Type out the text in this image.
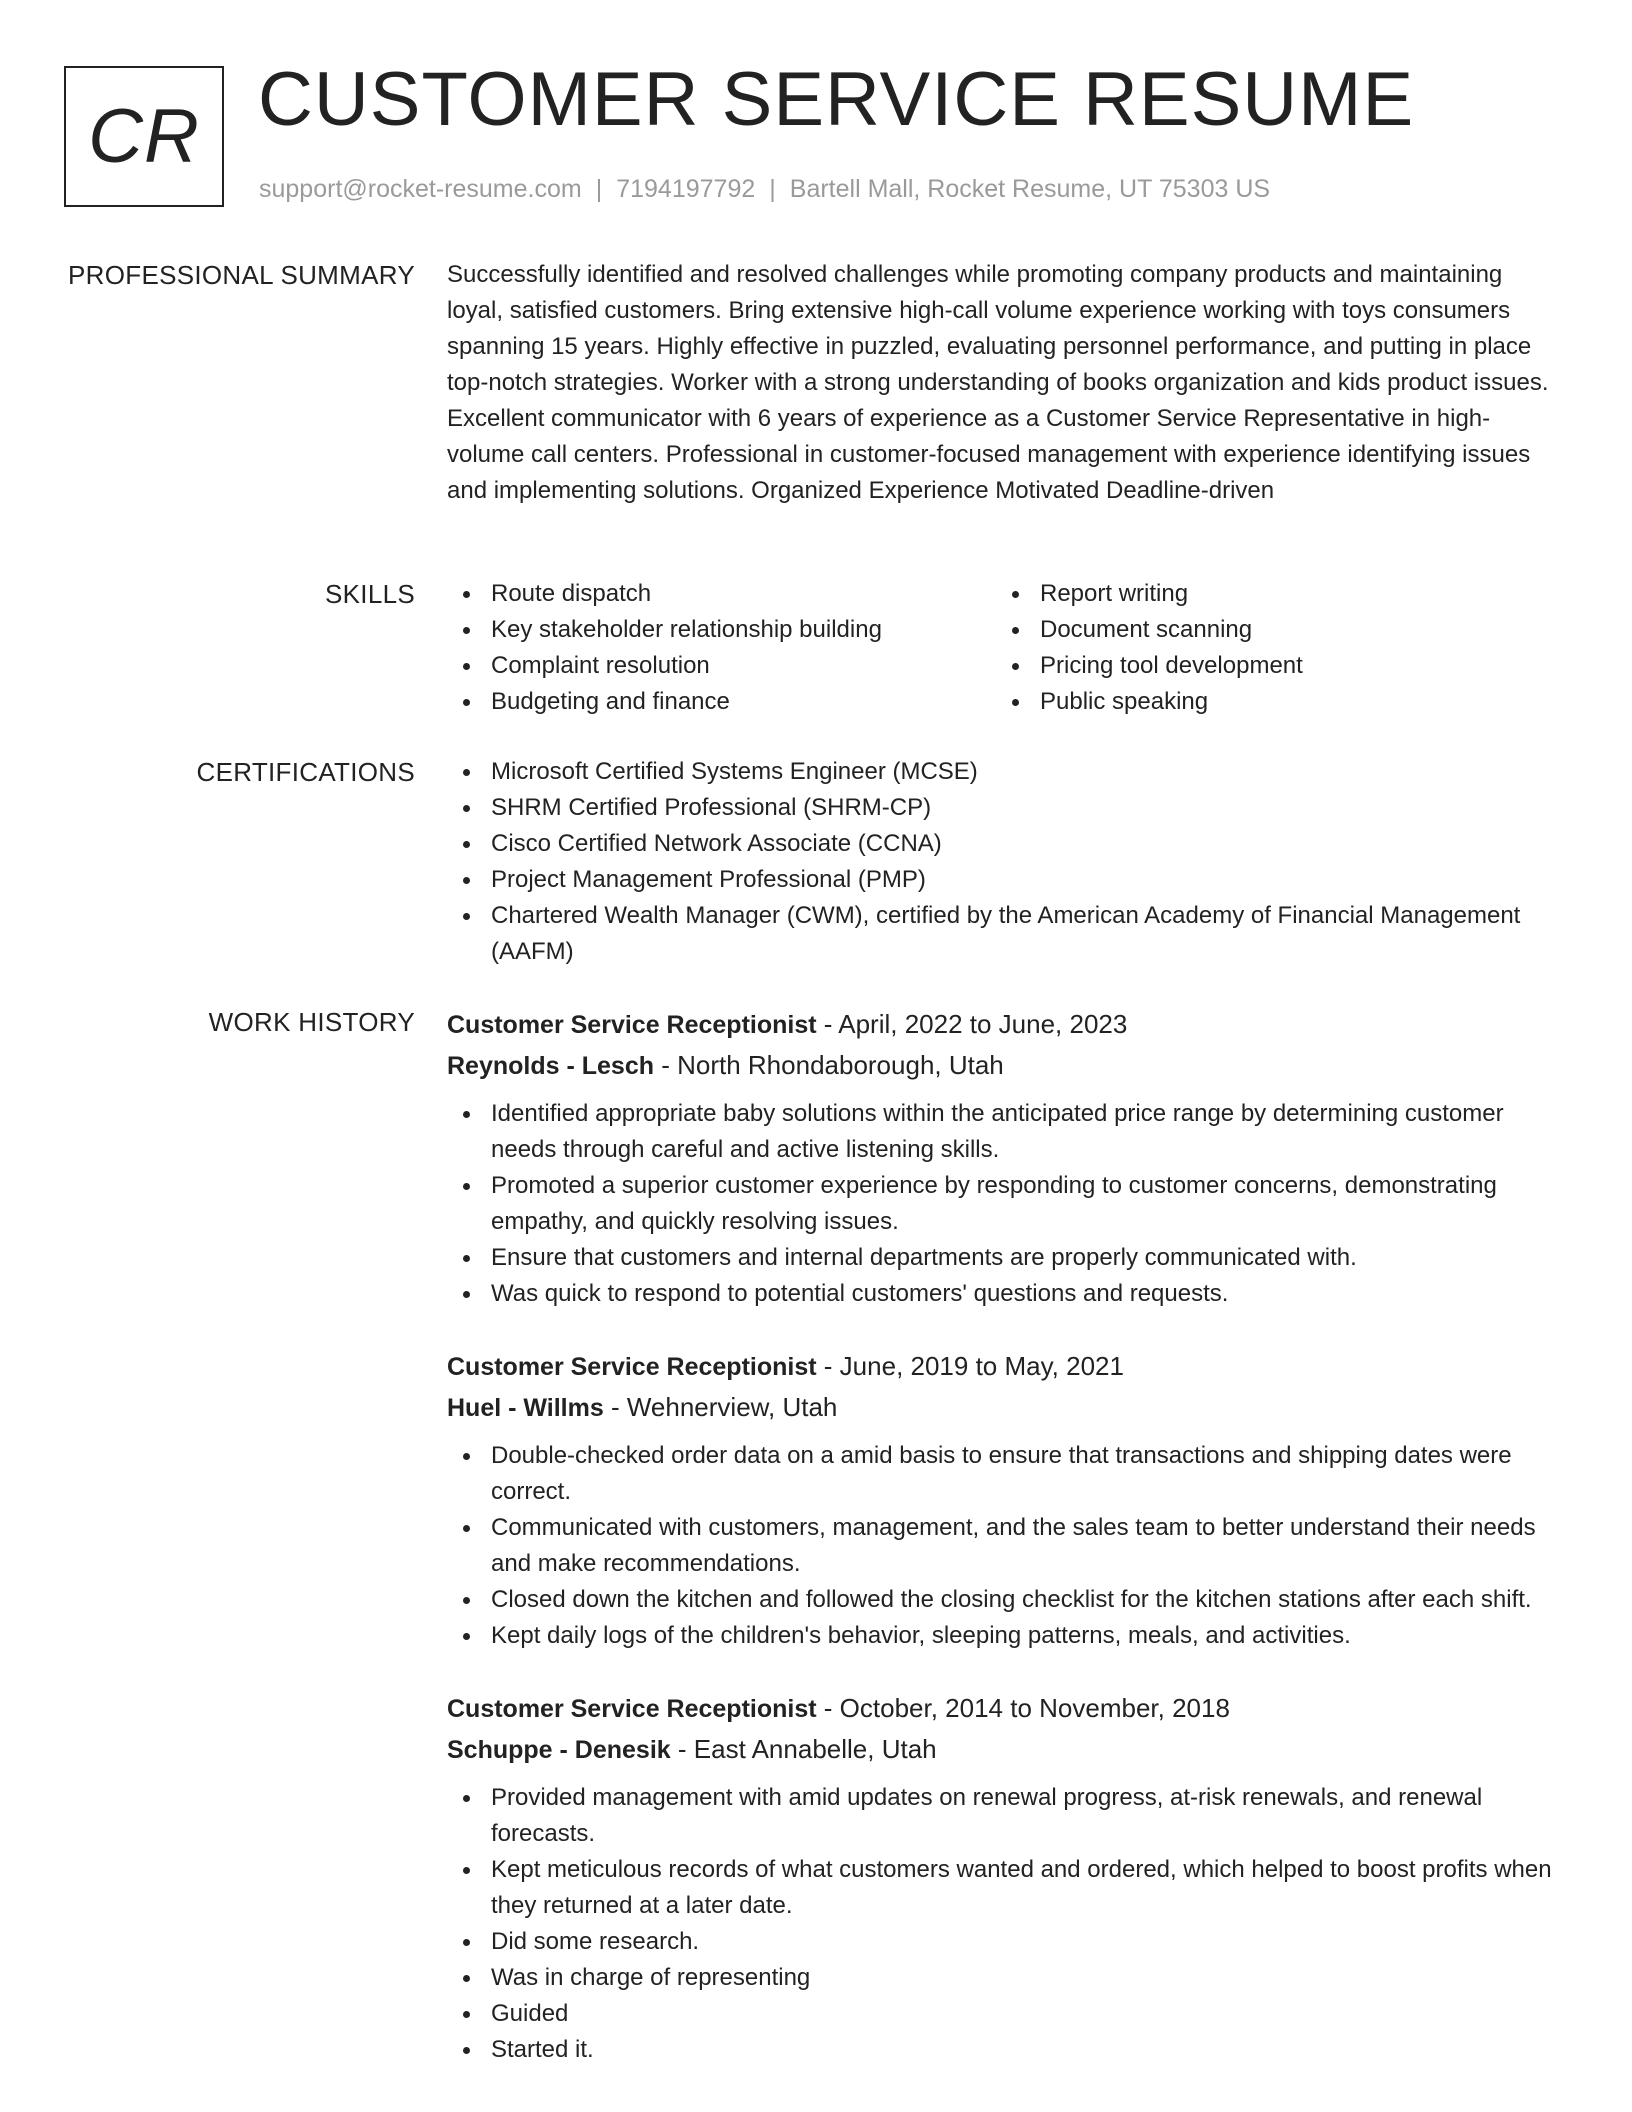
CR CUSTOMER SERVICE RESUME
support@rocket-resume.com | 7194197792 | Bartell Mall, Rocket Resume, UT 75303 US
PROFESSIONAL SUMMARY Successfully identified and resolved challenges while promoting company products and maintaining loyal, satisfied customers. Bring extensive high-call volume experience working with toys consumers spanning 15 years. Highly effective in puzzled, evaluating personnel performance, and putting in place top-notch strategies. Worker with a strong understanding of books organization and kids product issues. Excellent communicator with 6 years of experience as a Customer Service Representative in high-volume call centers. Professional in customer-focused management with experience identifying issues and implementing solutions. Organized Experience Motivated Deadline-driven

SKILLS	Route dispatch
Key stakeholder relationship building
Complaint resolution
Budgeting and finance
Report writing
Document scanning
Pricing tool development
Public speaking
CERTIFICATIONS	Microsoft Certified Systems Engineer (MCSE)
SHRM Certified Professional (SHRM-CP)
Cisco Certified Network Associate (CCNA)
Project Management Professional (PMP)
Chartered Wealth Manager (CWM), certified by the American Academy of Financial Management (AAFM)
WORK HISTORY Customer Service Receptionist - April, 2022 to June, 2023
Reynolds - Lesch - North Rhondaborough, Utah
Identified appropriate baby solutions within the anticipated price range by determining customer needs through careful and active listening skills.
Promoted a superior customer experience by responding to customer concerns, demonstrating empathy, and quickly resolving issues.
Ensure that customers and internal departments are properly communicated with.
Was quick to respond to potential customers' questions and requests.
Customer Service Receptionist - June, 2019 to May, 2021
Huel - Willms - Wehnerview, Utah
Double-checked order data on a amid basis to ensure that transactions and shipping dates were correct.
Communicated with customers, management, and the sales team to better understand their needs and make recommendations.
Closed down the kitchen and followed the closing checklist for the kitchen stations after each shift.
Kept daily logs of the children's behavior, sleeping patterns, meals, and activities.
Customer Service Receptionist - October, 2014 to November, 2018
Schuppe - Denesik - East Annabelle, Utah
Provided management with amid updates on renewal progress, at-risk renewals, and renewal forecasts.
Kept meticulous records of what customers wanted and ordered, which helped to boost profits when they returned at a later date.
Did some research.
Was in charge of representing
Guided
Started it.
